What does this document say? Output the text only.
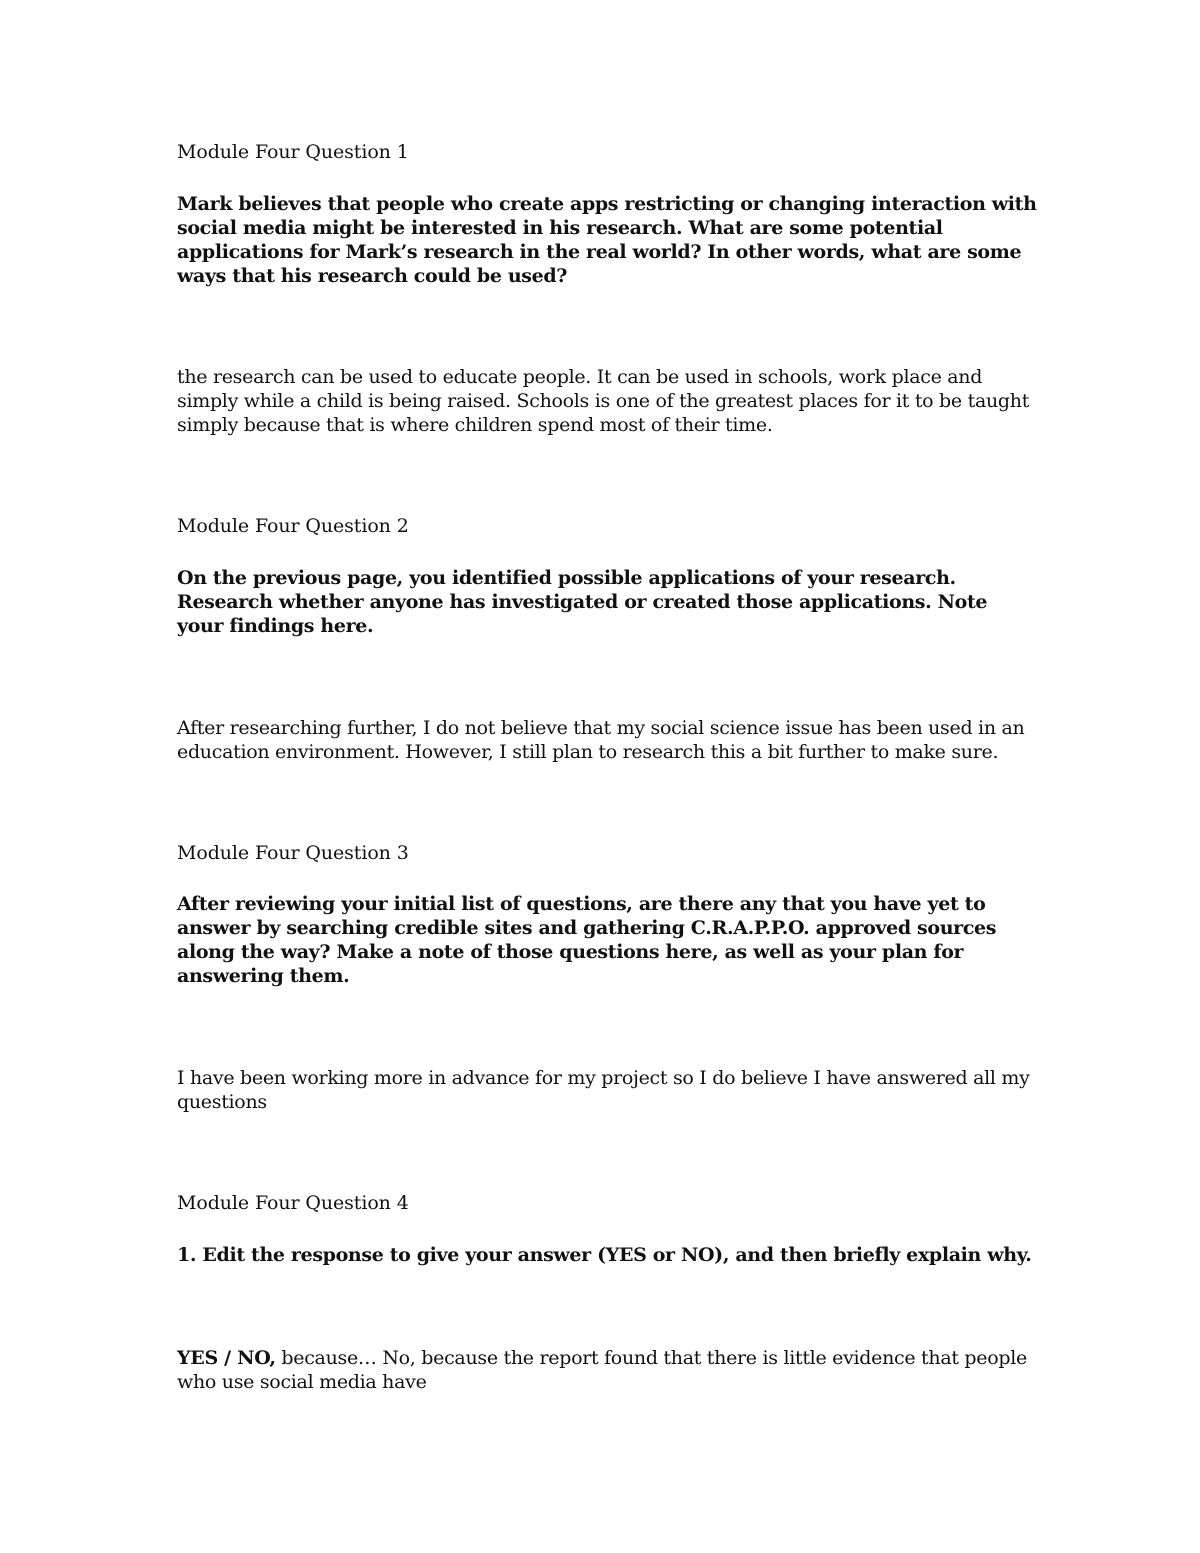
Module Four Question 1

Mark believes that people who create apps restricting or changing interaction with social media might be interested in his research. What are some potential applications for Mark’s research in the real world? In other words, what are some ways that his research could be used?

the research can be used to educate people. It can be used in schools, work place and simply while a child is being raised. Schools is one of the greatest places for it to be taught simply because that is where children spend most of their time.

Module Four Question 2

On the previous page, you identified possible applications of your research. Research whether anyone has investigated or created those applications. Note your findings here.

After researching further, I do not believe that my social science issue has been used in an education environment. However, I still plan to research this a bit further to make sure.

Module Four Question 3

After reviewing your initial list of questions, are there any that you have yet to answer by searching credible sites and gathering C.R.A.P.P.O. approved sources along the way? Make a note of those questions here, as well as your plan for answering them.

I have been working more in advance for my project so I do believe I have answered all my questions

Module Four Question 4

1. Edit the response to give your answer (YES or NO), and then briefly explain why.

YES / NO, because… No, because the report found that there is little evidence that people who use social media have
